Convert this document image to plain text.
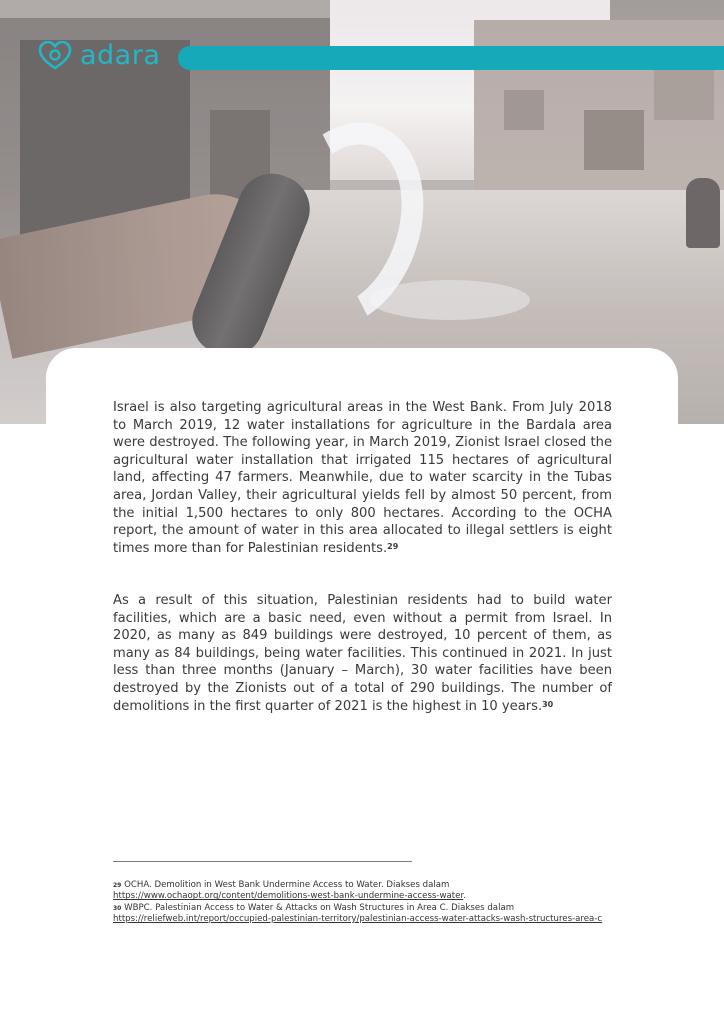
adara

Israel is also targeting agricultural areas in the West Bank. From July 2018 to March 2019, 12 water installations for agriculture in the Bardala area were destroyed. The following year, in March 2019, Zionist Israel closed the agricultural water installation that irrigated 115 hectares of agricultural land, affecting 47 farmers. Meanwhile, due to water scarcity in the Tubas area, Jordan Valley, their agricultural yields fell by almost 50 percent, from the initial 1,500 hectares to only 800 hectares. According to the OCHA report, the amount of water in this area allocated to illegal settlers is eight times more than for Palestinian residents.$^{29}$

As a result of this situation, Palestinian residents had to build water facilities, which are a basic need, even without a permit from Israel. In 2020, as many as 849 buildings were destroyed, 10 percent of them, as many as 84 buildings, being water facilities. This continued in 2021. In just less than three months (January – March), 30 water facilities have been destroyed by the Zionists out of a total of 290 buildings. The number of demolitions in the first quarter of 2021 is the highest in 10 years.$^{30}$

$^{29}$ OCHA. Demolition in West Bank Undermine Access to Water. Diakses dalam
https://www.ochaopt.org/content/demolitions-west-bank-undermine-access-water.
$^{30}$ WBPC. Palestinian Access to Water & Attacks on Wash Structures in Area C. Diakses dalam
https://reliefweb.int/report/occupied-palestinian-territory/palestinian-access-water-attacks-wash-structures-area-c
